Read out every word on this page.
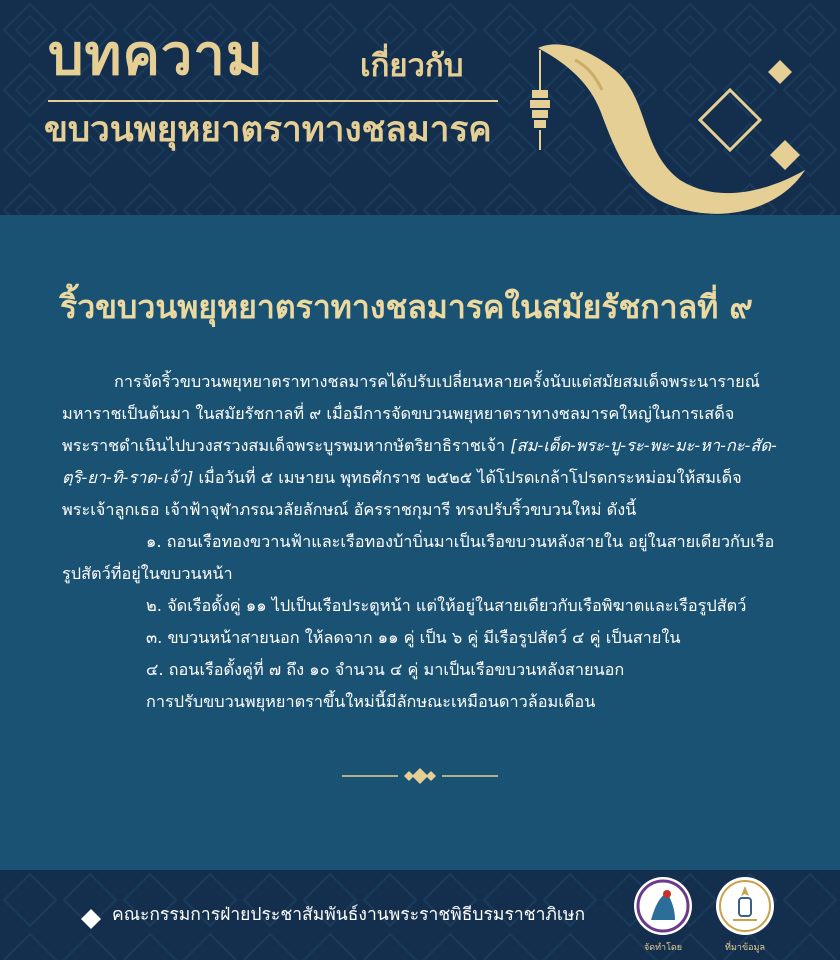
บทความ	เกี่ยวกับ
ขบวนพยุหยาตราทางชลมารค
ริ้วขบวนพยุหยาตราทางชลมารคในสมัยรัชกาลที่ ๙

การจัดริ้วขบวนพยุหยาตราทางชลมารคได้ปรับเปลี่ยนหลายครั้งนับแต่สมัยสมเด็จพระนารายณ์มหาราชเป็นต้นมา ในสมัยรัชกาลที่ ๙ เมื่อมีการจัดขบวนพยุหยาตราทางชลมารคใหญ่ในการเสด็จพระราชดำเนินไปบวงสรวงสมเด็จพระบูรพมหากษัตริยาธิราชเจ้า [สม-เด็ด-พระ-บู-ระ-พะ-มะ-หา-กะ-สัด-ตฺริ-ยา-ทิ-ราด-เจ้า] เมื่อวันที่ ๕ เมษายน พุทธศักราช ๒๕๒๕ ได้โปรดเกล้าโปรดกระหม่อมให้สมเด็จพระเจ้าลูกเธอ เจ้าฟ้าจุฬาภรณวลัยลักษณ์ อัครราชกุมารี ทรงปรับริ้วขบวนใหม่ ดังนี้

๑. ถอนเรือทองขวานฟ้าและเรือทองบ้าบิ่นมาเป็นเรือขบวนหลังสายใน อยู่ในสายเดียวกับเรือรูปสัตว์ที่อยู่ในขบวนหน้า

๒. จัดเรือดั้งคู่ ๑๑ ไปเป็นเรือประตูหน้า แต่ให้อยู่ในสายเดียวกับเรือพิฆาตและเรือรูปสัตว์

๓. ขบวนหน้าสายนอก ให้ลดจาก ๑๑ คู่ เป็น ๖ คู่ มีเรือรูปสัตว์ ๔ คู่ เป็นสายใน

๔. ถอนเรือดั้งคู่ที่ ๗ ถึง ๑๐ จำนวน ๔ คู่ มาเป็นเรือขบวนหลังสายนอก

การปรับขบวนพยุหยาตราขึ้นใหม่นี้มีลักษณะเหมือนดาวล้อมเดือน

คณะกรรมการฝ่ายประชาสัมพันธ์งานพระราชพิธีบรมราชาภิเษก
จัดทำโดย	ที่มาข้อมูล
